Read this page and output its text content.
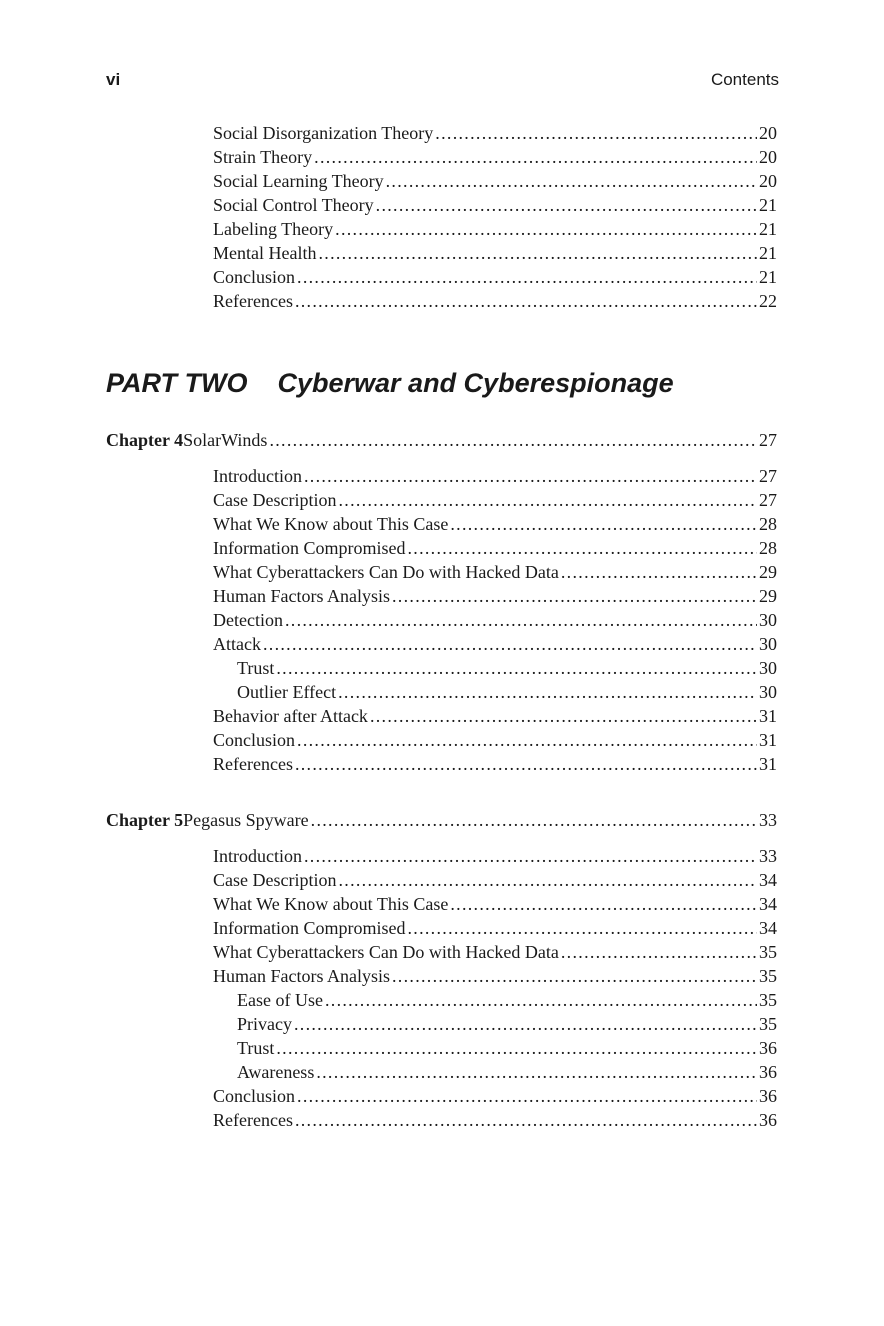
vi	Contents
Social Disorganization Theory . . .	20
Strain Theory . . .	20
Social Learning Theory . . .	20
Social Control Theory . . .	21
Labeling Theory . . .	21
Mental Health . . .	21
Conclusion . . .	21
References . . .	22
PART TWO Cyberwar and Cyberespionage
Chapter 4 SolarWinds . . .	27
Introduction . . .	27
Case Description . . .	27
What We Know about This Case . . .	28
Information Compromised . . .	28
What Cyberattackers Can Do with Hacked Data . . .	29
Human Factors Analysis . . .	29
Detection . . .	30
Attack . . .	30
Trust . . .	30
Outlier Effect . . .	30
Behavior after Attack . . .	31
Conclusion . . .	31
References . . .	31
Chapter 5 Pegasus Spyware . . .	33
Introduction . . .	33
Case Description . . .	34
What We Know about This Case . . .	34
Information Compromised . . .	34
What Cyberattackers Can Do with Hacked Data . . .	35
Human Factors Analysis . . .	35
Ease of Use . . .	35
Privacy . . .	35
Trust . . .	36
Awareness . . .	36
Conclusion . . .	36
References . . .	36
